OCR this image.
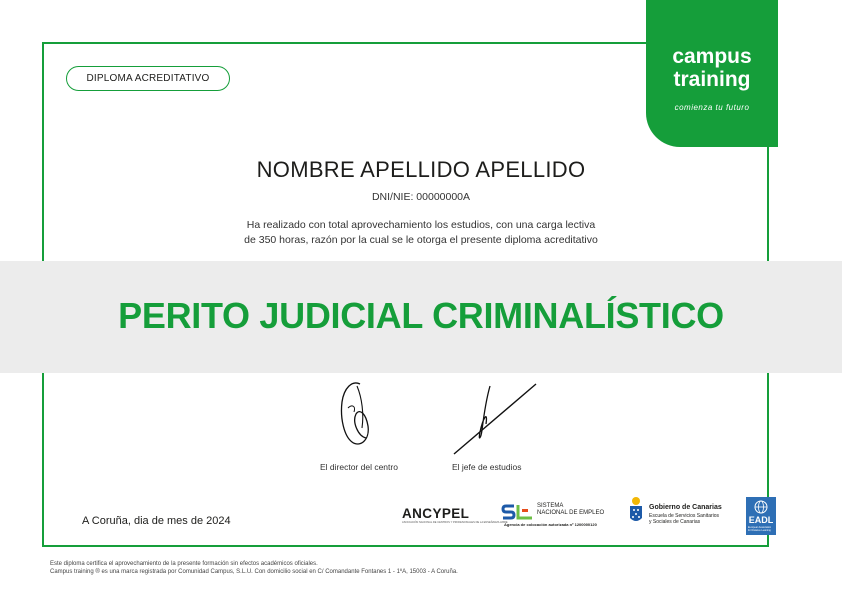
DIPLOMA ACREDITATIVO
campus
training
comienza tu futuro
NOMBRE APELLIDO APELLIDO
DNI/NIE: 00000000A
Ha realizado con total aprovechamiento los estudios, con una carga lectiva
de 350 horas, razón por la cual se le otorga el presente diploma acreditativo
PERITO JUDICIAL CRIMINALÍSTICO
El director del centro	El jefe de estudios
A Coruña, dia de mes de 2024	ANCYPEL
ASOCIACIÓN NACIONAL DE CENTROS Y PROFESIONALES DE LA ENSEÑANZA LIBRE
SISTEMA
NACIONAL DE EMPLEO
Agencia de colocación autorizada nº 1200000120
Gobierno de Canarias
Escuela de Servicios Sanitarios
y Sociales de Canarias	EADL
European Association for Distance Learning
Este diploma certifica el aprovechamiento de la presente formación sin efectos académicos oficiales.
Campus training ® es una marca registrada por Comunidad Campus, S.L.U. Con domicilio social en C/ Comandante Fontanes 1 - 1ºA, 15003 - A Coruña.
